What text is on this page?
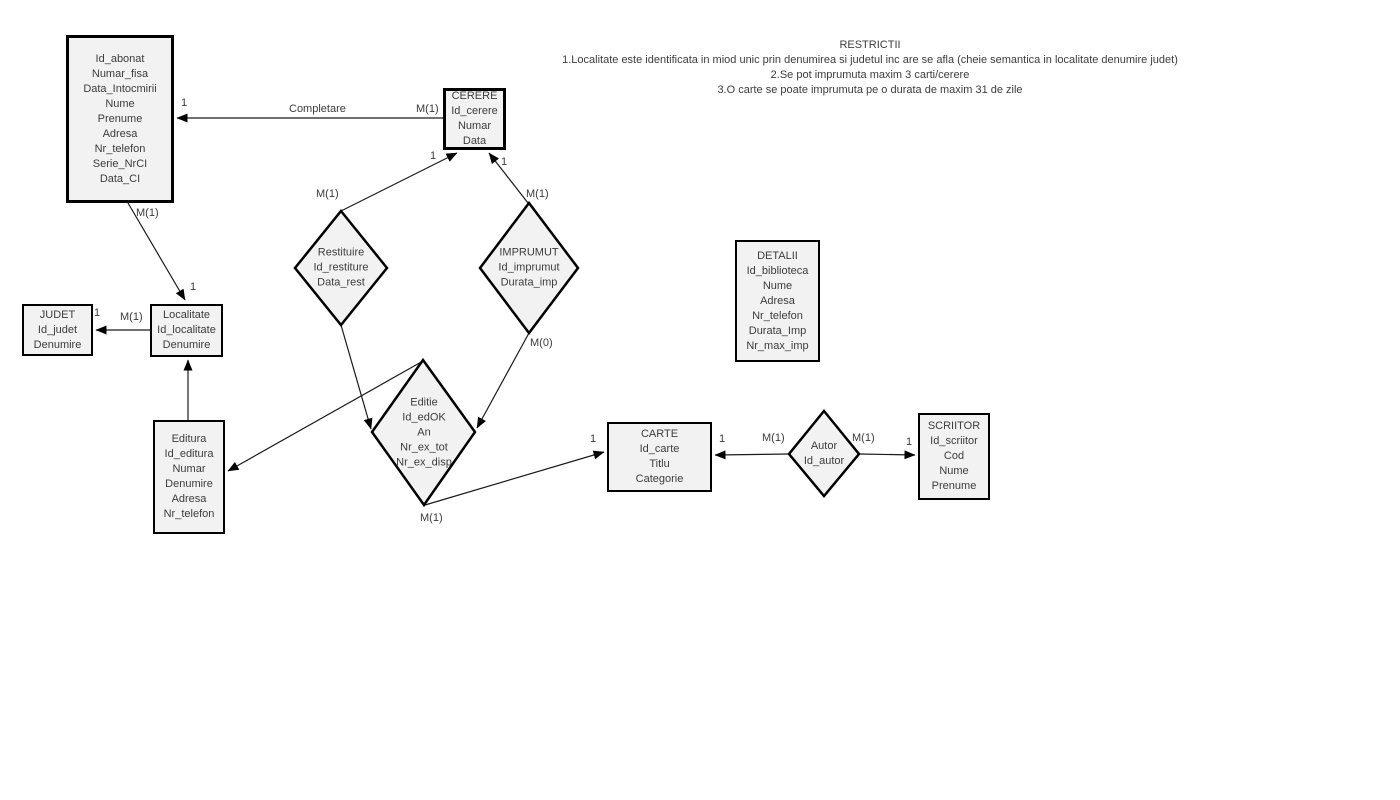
RESTRICTII
1.Localitate este identificata in miod unic prin denumirea si judetul inc are se afla (cheie semantica in localitate denumire judet)
2.Se pot imprumuta maxim 3 carti/cerere
3.O carte se poate imprumuta pe o durata de maxim 31 de zile
Id_abonat
Numar_fisa
Data_Intocmirii
Nume
Prenume
Adresa
Nr_telefon
Serie_NrCI
Data_CI
CERERE
Id_cerere
Numar
Data
JUDET
Id_judet
Denumire
Localitate
Id_localitate
Denumire
DETALII
Id_biblioteca
Nume
Adresa
Nr_telefon
Durata_Imp
Nr_max_imp
Editura
Id_editura
Numar
Denumire
Adresa
Nr_telefon
CARTE
Id_carte
Titlu
Categorie
SCRIITOR
Id_scriitor
Cod
Nume
Prenume
Restituire
Id_restiture
Data_rest
IMPRUMUT
Id_imprumut
Durata_imp
Editie
Id_edOK
An
Nr_ex_tot
Nr_ex_disp
Autor
Id_autor
Completare
1	M(1)
M(1)
1
M(1)
1
M(1)
1
M(1)
1
M(0)
M(1)
1	M(1)
1	M(1)	1
